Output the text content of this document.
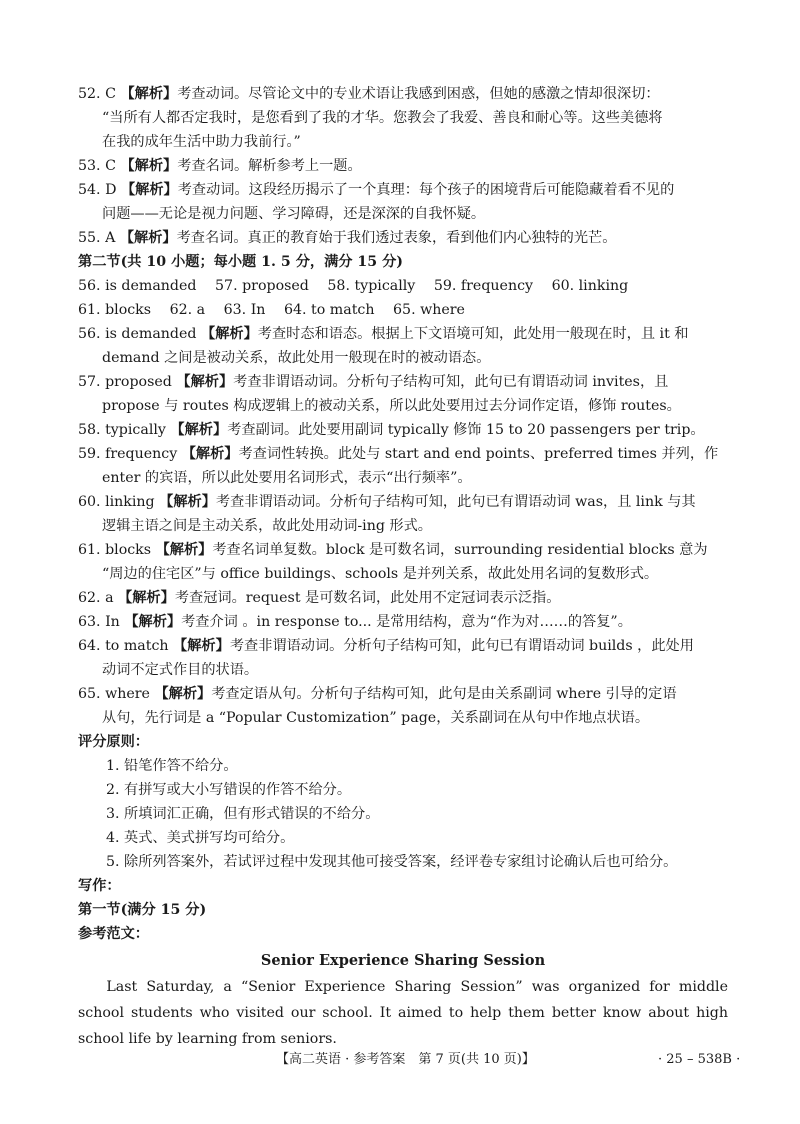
52. C 【解析】考查动词。尽管论文中的专业术语让我感到困惑，但她的感激之情却很深切：
“当所有人都否定我时，是您看到了我的才华。您教会了我爱、善良和耐心等。这些美德将
在我的成年生活中助力我前行。”
53. C 【解析】考查名词。解析参考上一题。
54. D 【解析】考查动词。这段经历揭示了一个真理：每个孩子的困境背后可能隐藏着看不见的
问题——无论是视力问题、学习障碍，还是深深的自我怀疑。
55. A 【解析】考查名词。真正的教育始于我们透过表象，看到他们内心独特的光芒。
第二节(共 10 小题；每小题 1. 5 分，满分 15 分)
56. is demanded 57. proposed 58. typically 59. frequency 60. linking
61. blocks 62. a 63. In 64. to match 65. where
56. is demanded 【解析】考查时态和语态。根据上下文语境可知，此处用一般现在时，且 it 和
demand 之间是被动关系，故此处用一般现在时的被动语态。
57. proposed 【解析】考查非谓语动词。分析句子结构可知，此句已有谓语动词 invites，且
propose 与 routes 构成逻辑上的被动关系，所以此处要用过去分词作定语，修饰 routes。
58. typically 【解析】考查副词。此处要用副词 typically 修饰 15 to 20 passengers per trip。
59. frequency 【解析】考查词性转换。此处与 start and end points、preferred times 并列，作
enter 的宾语，所以此处要用名词形式，表示“出行频率”。
60. linking 【解析】考查非谓语动词。分析句子结构可知，此句已有谓语动词 was，且 link 与其
逻辑主语之间是主动关系，故此处用动词-ing 形式。
61. blocks 【解析】考查名词单复数。block 是可数名词，surrounding residential blocks 意为
“周边的住宅区”与 office buildings、schools 是并列关系，故此处用名词的复数形式。
62. a 【解析】考查冠词。request 是可数名词，此处用不定冠词表示泛指。
63. In 【解析】考查介词 。in response to... 是常用结构，意为“作为对……的答复”。
64. to match 【解析】考查非谓语动词。分析句子结构可知，此句已有谓语动词 builds ，此处用
动词不定式作目的状语。
65. where 【解析】考查定语从句。分析句子结构可知，此句是由关系副词 where 引导的定语
从句，先行词是 a “Popular Customization” page，关系副词在从句中作地点状语。
评分原则：
1. 铅笔作答不给分。
2. 有拼写或大小写错误的作答不给分。
3. 所填词汇正确，但有形式错误的不给分。
4. 英式、美式拼写均可给分。
5. 除所列答案外，若试评过程中发现其他可接受答案，经评卷专家组讨论确认后也可给分。
写作：
第一节(满分 15 分)
参考范文：
Senior Experience Sharing Session
Last Saturday, a “Senior Experience Sharing Session” was organized for middle school students who visited our school. It aimed to help them better know about high school life by learning from seniors.
【高二英语 · 参考答案　第 7 页(共 10 页)】	· 25 – 538B ·
